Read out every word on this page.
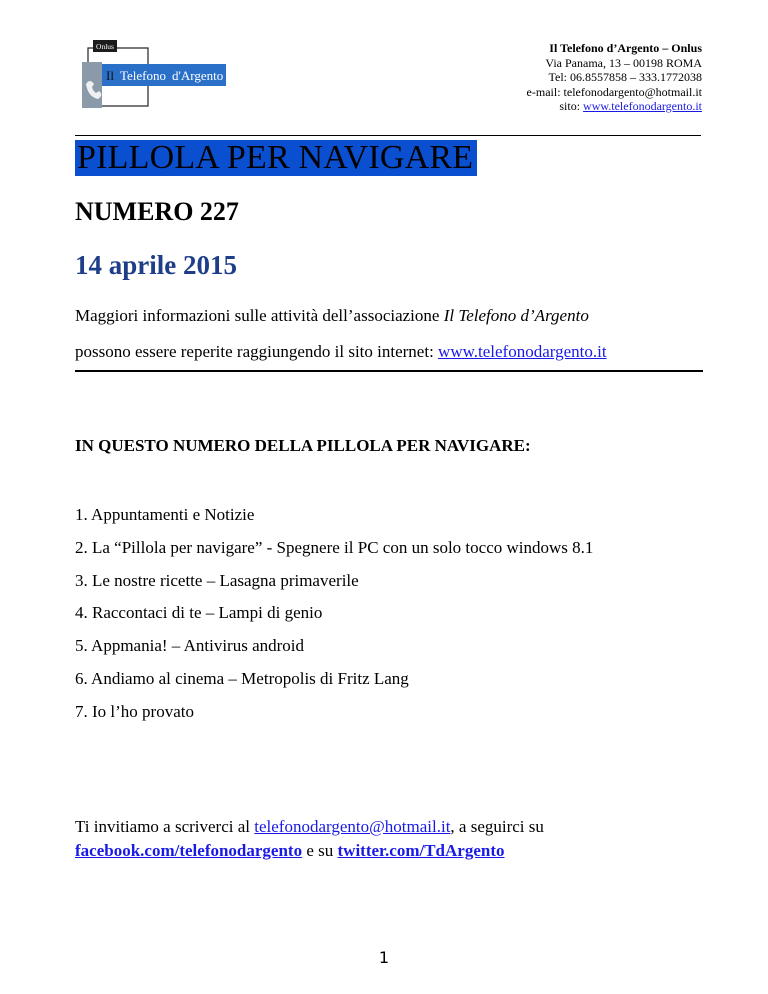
Onlus
Il Telefono d'Argento
Il Telefono d’Argento – Onlus
Via Panama, 13 – 00198 ROMA
Tel: 06.8557858 – 333.1772038
e-mail: telefonodargento@hotmail.it
sito: www.telefonodargento.it
PILLOLA PER NAVIGARE
NUMERO 227
14 aprile 2015
Maggiori informazioni sulle attività dell’associazione Il Telefono d’Argento
possono essere reperite raggiungendo il sito internet: www.telefonodargento.it
IN QUESTO NUMERO DELLA PILLOLA PER NAVIGARE:
1. Appuntamenti e Notizie
2. La “Pillola per navigare” - Spegnere il PC con un solo tocco windows 8.1
3. Le nostre ricette – Lasagna primaverile
4. Raccontaci di te – Lampi di genio
5. Appmania! – Antivirus android
6. Andiamo al cinema – Metropolis di Fritz Lang
7. Io l’ho provato
Ti invitiamo a scriverci al telefonodargento@hotmail.it, a seguirci su
facebook.com/telefonodargento e su twitter.com/TdArgento
1
